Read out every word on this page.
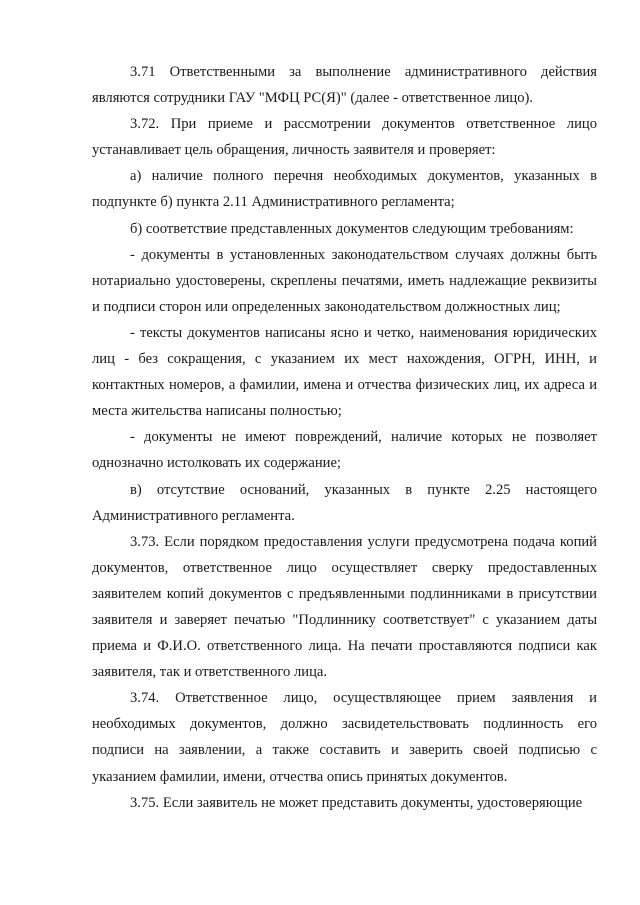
3.71 Ответственными за выполнение административного действия являются сотрудники ГАУ "МФЦ РС(Я)" (далее - ответственное лицо).

3.72. При приеме и рассмотрении документов ответственное лицо устанавливает цель обращения, личность заявителя и проверяет:

а) наличие полного перечня необходимых документов, указанных в подпункте б) пункта 2.11 Административного регламента;

б) соответствие представленных документов следующим требованиям:

- документы в установленных законодательством случаях должны быть нотариально удостоверены, скреплены печатями, иметь надлежащие реквизиты и подписи сторон или определенных законодательством должностных лиц;

- тексты документов написаны ясно и четко, наименования юридических лиц - без сокращения, с указанием их мест нахождения, ОГРН, ИНН, и контактных номеров, а фамилии, имена и отчества физических лиц, их адреса и места жительства написаны полностью;

- документы не имеют повреждений, наличие которых не позволяет однозначно истолковать их содержание;

в) отсутствие оснований, указанных в пункте 2.25 настоящего Административного регламента.

3.73. Если порядком предоставления услуги предусмотрена подача копий документов, ответственное лицо осуществляет сверку предоставленных заявителем копий документов с предъявленными подлинниками в присутствии заявителя и заверяет печатью "Подлиннику соответствует" с указанием даты приема и Ф.И.О. ответственного лица. На печати проставляются подписи как заявителя, так и ответственного лица.

3.74. Ответственное лицо, осуществляющее прием заявления и необходимых документов, должно засвидетельствовать подлинность его подписи на заявлении, а также составить и заверить своей подписью с указанием фамилии, имени, отчества опись принятых документов.

3.75. Если заявитель не может представить документы, удостоверяющие
